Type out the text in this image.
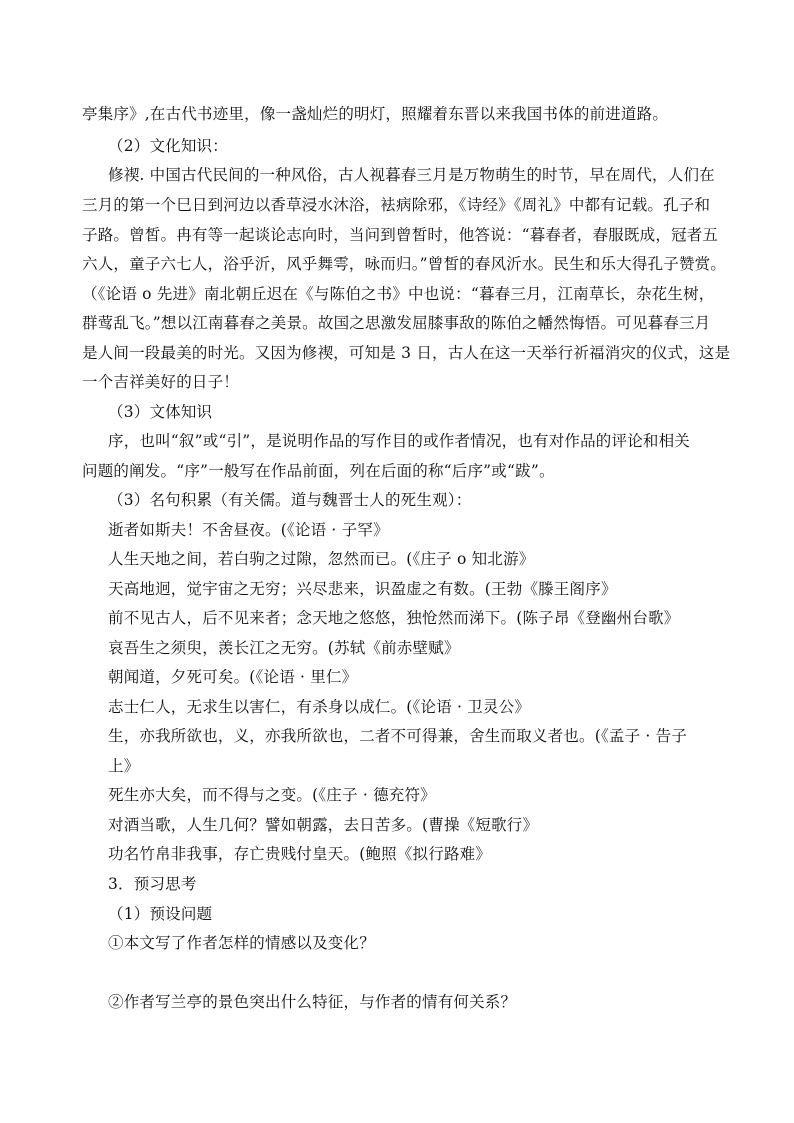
亭集序》,在古代书迹里，像一盏灿烂的明灯，照耀着东晋以来我国书体的前进道路。

（2）文化知识：

修禊. 中国古代民间的一种风俗，古人视暮春三月是万物萌生的时节，早在周代，人们在

三月的第一个巳日到河边以香草浸水沐浴，袪病除邪，《诗经》《周礼》中都有记载。孔子和

子路。曾皙。冉有等一起谈论志向时，当问到曾皙时，他答说：“暮春者，春服既成，冠者五

六人，童子六七人，浴乎沂，风乎舞雩，咏而归。”曾皙的春风沂水。民生和乐大得孔子赞赏。

（《论语 o 先进》南北朝丘迟在《与陈伯之书》中也说：“暮春三月，江南草长，杂花生树，

群莺乱飞。”想以江南暮春之美景。故国之思激发屈膝事敌的陈伯之幡然悔悟。可见暮春三月

是人间一段最美的时光。又因为修禊，可知是 3 日，古人在这一天举行祈福消灾的仪式，这是

一个吉祥美好的日子！

（3）文体知识

序，也叫“叙”或“引”，是说明作品的写作目的或作者情况，也有对作品的评论和相关

问题的阐发。“序”一般写在作品前面，列在后面的称“后序”或“跋”。

（3）名句积累（有关儒。道与魏晋士人的死生观）：

逝者如斯夫！不舍昼夜。(《论语 · 子罕》

人生天地之间，若白驹之过隙，忽然而已。(《庄子 o 知北游》

天高地迥，觉宇宙之无穷；兴尽悲来，识盈虚之有数。(王勃《滕王阁序》

前不见古人，后不见来者；念天地之悠悠，独怆然而涕下。(陈子昂《登幽州台歌》

哀吾生之须臾，羡长江之无穷。(苏轼《前赤壁赋》

朝闻道，夕死可矣。(《论语 · 里仁》

志士仁人，无求生以害仁，有杀身以成仁。(《论语 · 卫灵公》

生，亦我所欲也，义，亦我所欲也，二者不可得兼，舍生而取义者也。(《孟子 · 告子

上》

死生亦大矣，而不得与之变。(《庄子 · 德充符》

对酒当歌，人生几何？譬如朝露，去日苦多。(曹操《短歌行》

功名竹帛非我事，存亡贵贱付皇天。(鲍照《拟行路难》

3．预习思考

（1）预设问题

①本文写了作者怎样的情感以及变化？

②作者写兰亭的景色突出什么特征，与作者的情有何关系？
